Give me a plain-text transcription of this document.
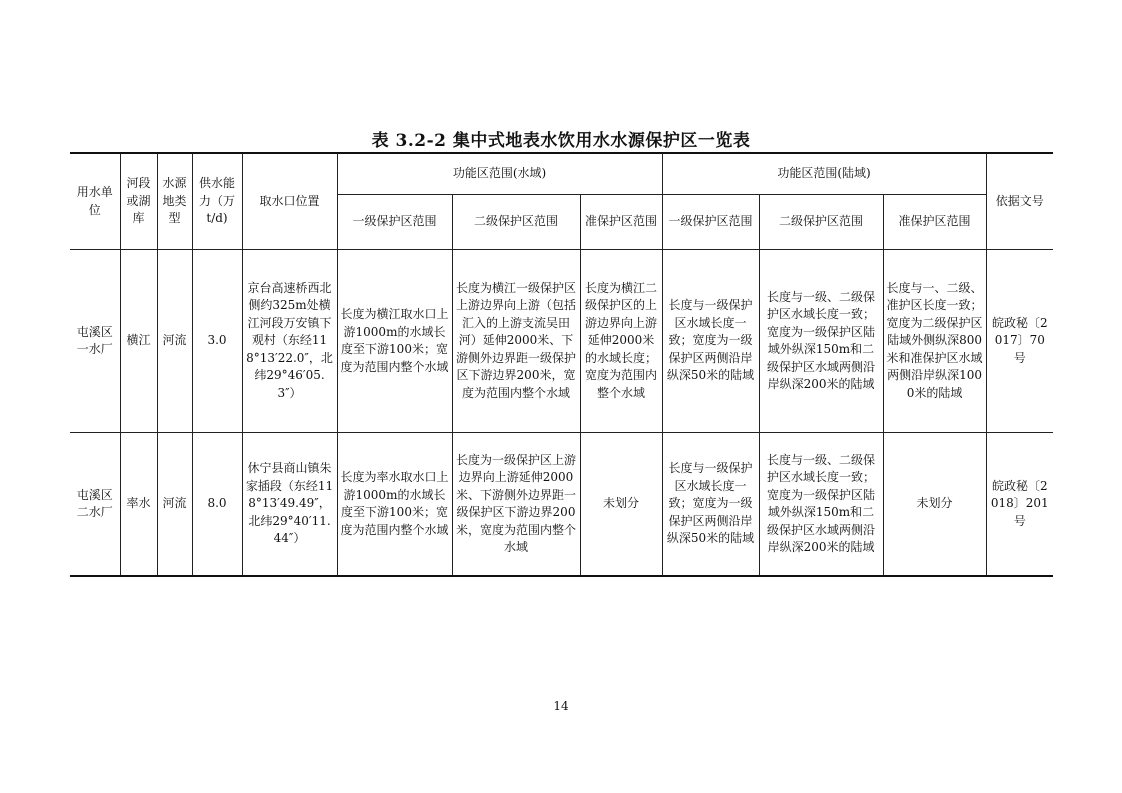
表 3.2-2 集中式地表水饮用水水源保护区一览表
用水单位	河段或湖库	水源地类型	供水能力（万t/d)	取水口位置	功能区范围(水域)			功能区范围(陆域)			依据文号
					一级保护区范围	二级保护区范围	准保护区范围	一级保护区范围	二级保护区范围	准保护区范围	
屯溪区一水厂	横江	河流	3.0	京台高速桥西北侧约325m处横江河段万安镇下观村（东经118°13′22.0″，北纬29°46′05.3″）	长度为横江取水口上游1000m的水域长度至下游100米；宽度为范围内整个水域	长度为横江一级保护区上游边界向上游（包括汇入的上游支流吴田河）延伸2000米、下游侧外边界距一级保护区下游边界200米，宽度为范围内整个水域	长度为横江二级保护区的上游边界向上游延伸2000米的水域长度；宽度为范围内整个水域	长度与一级保护区水域长度一致；宽度为一级保护区两侧沿岸纵深50米的陆域	长度与一级、二级保护区水域长度一致；宽度为一级保护区陆域外纵深150m和二级保护区水域两侧沿岸纵深200米的陆域	长度与一、二级、准护区长度一致；宽度为二级保护区陆域外侧纵深800米和准保护区水域两侧沿岸纵深1000米的陆域	皖政秘〔2017〕70号
屯溪区二水厂	率水	河流	8.0	休宁县商山镇朱家插段（东经118°13′49.49″，北纬29°40′11.44″）	长度为率水取水口上游1000m的水域长度至下游100米；宽度为范围内整个水域	长度为一级保护区上游边界向上游延伸2000米、下游侧外边界距一级保护区下游边界200米，宽度为范围内整个水域	未划分	长度与一级保护区水域长度一致；宽度为一级保护区两侧沿岸纵深50米的陆域	长度与一级、二级保护区水域长度一致；宽度为一级保护区陆域外纵深150m和二级保护区水域两侧沿岸纵深200米的陆域	未划分	皖政秘〔2018〕201号
14
